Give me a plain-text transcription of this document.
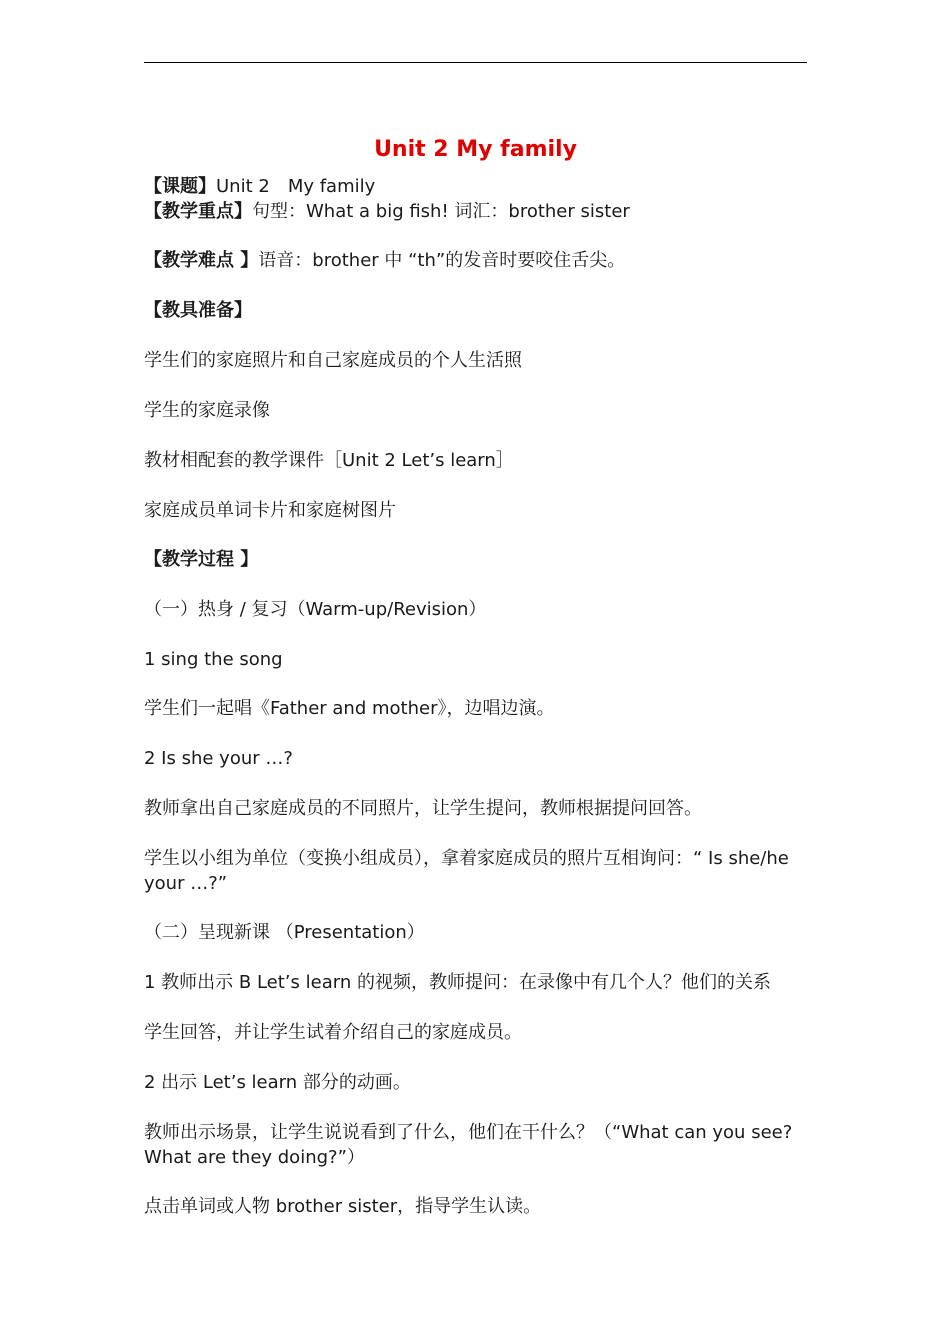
Unit 2 My family
【课题】Unit 2　My family
【教学重点】句型：What a big fish! 词汇：brother sister
【教学难点 】语音：brother 中 “th”的发音时要咬住舌尖。
【教具准备】
学生们的家庭照片和自己家庭成员的个人生活照
学生的家庭录像
教材相配套的教学课件［Unit 2 Let’s learn］
家庭成员单词卡片和家庭树图片
【教学过程 】
（一）热身 / 复习（Warm-up/Revision）
1 sing the song
学生们一起唱《Father and mother》，边唱边演。
2 Is she your …?
教师拿出自己家庭成员的不同照片，让学生提问，教师根据提问回答。
学生以小组为单位（变换小组成员），拿着家庭成员的照片互相询问：“ Is she/he your …?”
（二）呈现新课 （Presentation）
1 教师出示 B Let’s learn 的视频，教师提问：在录像中有几个人？他们的关系
学生回答，并让学生试着介绍自己的家庭成员。
2 出示 Let’s learn 部分的动画。
教师出示场景，让学生说说看到了什么，他们在干什么？（“What can you see? What are they doing?”）
点击单词或人物 brother sister，指导学生认读。
